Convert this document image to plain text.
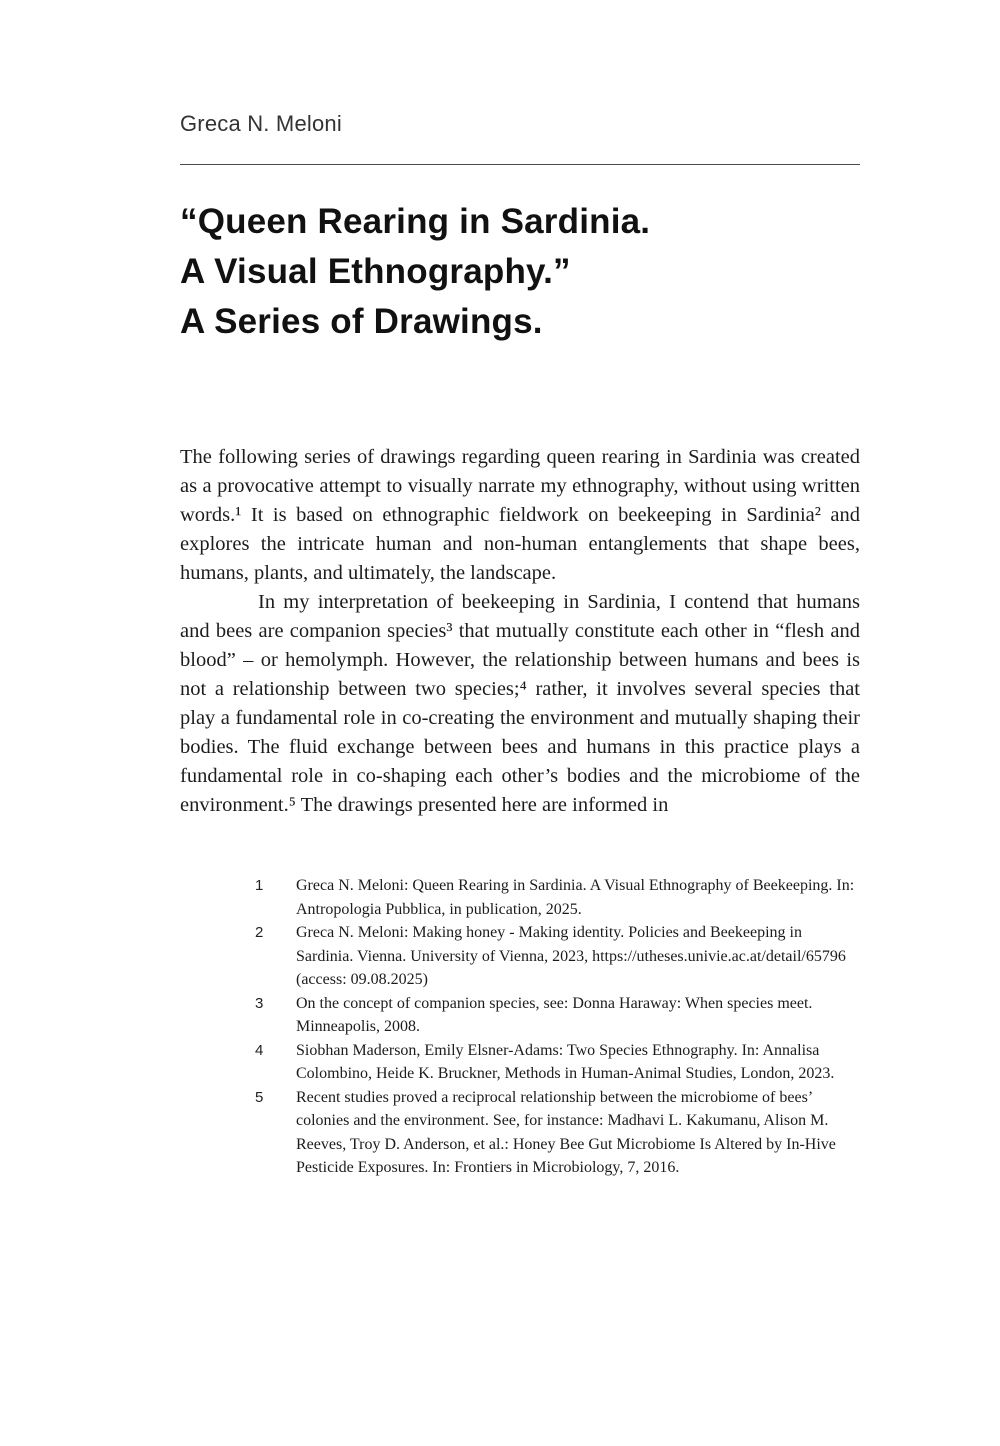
Greca N. Meloni
“Queen Rearing in Sardinia.
A Visual Ethnography.”
A Series of Drawings.

The following series of drawings regarding queen rearing in Sardinia was created as a provocative attempt to visually narrate my ethnography, without using written words.¹ It is based on ethnographic fieldwork on beekeeping in Sardinia² and explores the intricate human and non-human entanglements that shape bees, humans, plants, and ultimately, the landscape.

In my interpretation of beekeeping in Sardinia, I contend that humans and bees are companion species³ that mutually constitute each other in “flesh and blood” – or hemolymph. However, the relationship between humans and bees is not a relationship between two species;⁴ rather, it involves several species that play a fundamental role in co-creating the environment and mutually shaping their bodies. The fluid exchange between bees and humans in this practice plays a fundamental role in co-shaping each other’s bodies and the microbiome of the environment.⁵ The drawings presented here are informed in

1	Greca N. Meloni: Queen Rearing in Sardinia. A Visual Ethnography of Beekeeping. In: Antropologia Pubblica, in publication, 2025.
2	Greca N. Meloni: Making honey - Making identity. Policies and Beekeeping in Sardinia. Vienna. University of Vienna, 2023, https://utheses.univie.ac.at/detail/65796 (access: 09.08.2025)
3	On the concept of companion species, see: Donna Haraway: When species meet. Minneapolis, 2008.
4	Siobhan Maderson, Emily Elsner-Adams: Two Species Ethnography. In: Annalisa Colombino, Heide K. Bruckner, Methods in Human-Animal Studies, London, 2023.
5	Recent studies proved a reciprocal relationship between the microbiome of bees’ colonies and the environment. See, for instance: Madhavi L. Kakumanu, Alison M. Reeves, Troy D. Anderson, et al.: Honey Bee Gut Microbiome Is Altered by In-Hive Pesticide Exposures. In: Frontiers in Microbiology, 7, 2016.
